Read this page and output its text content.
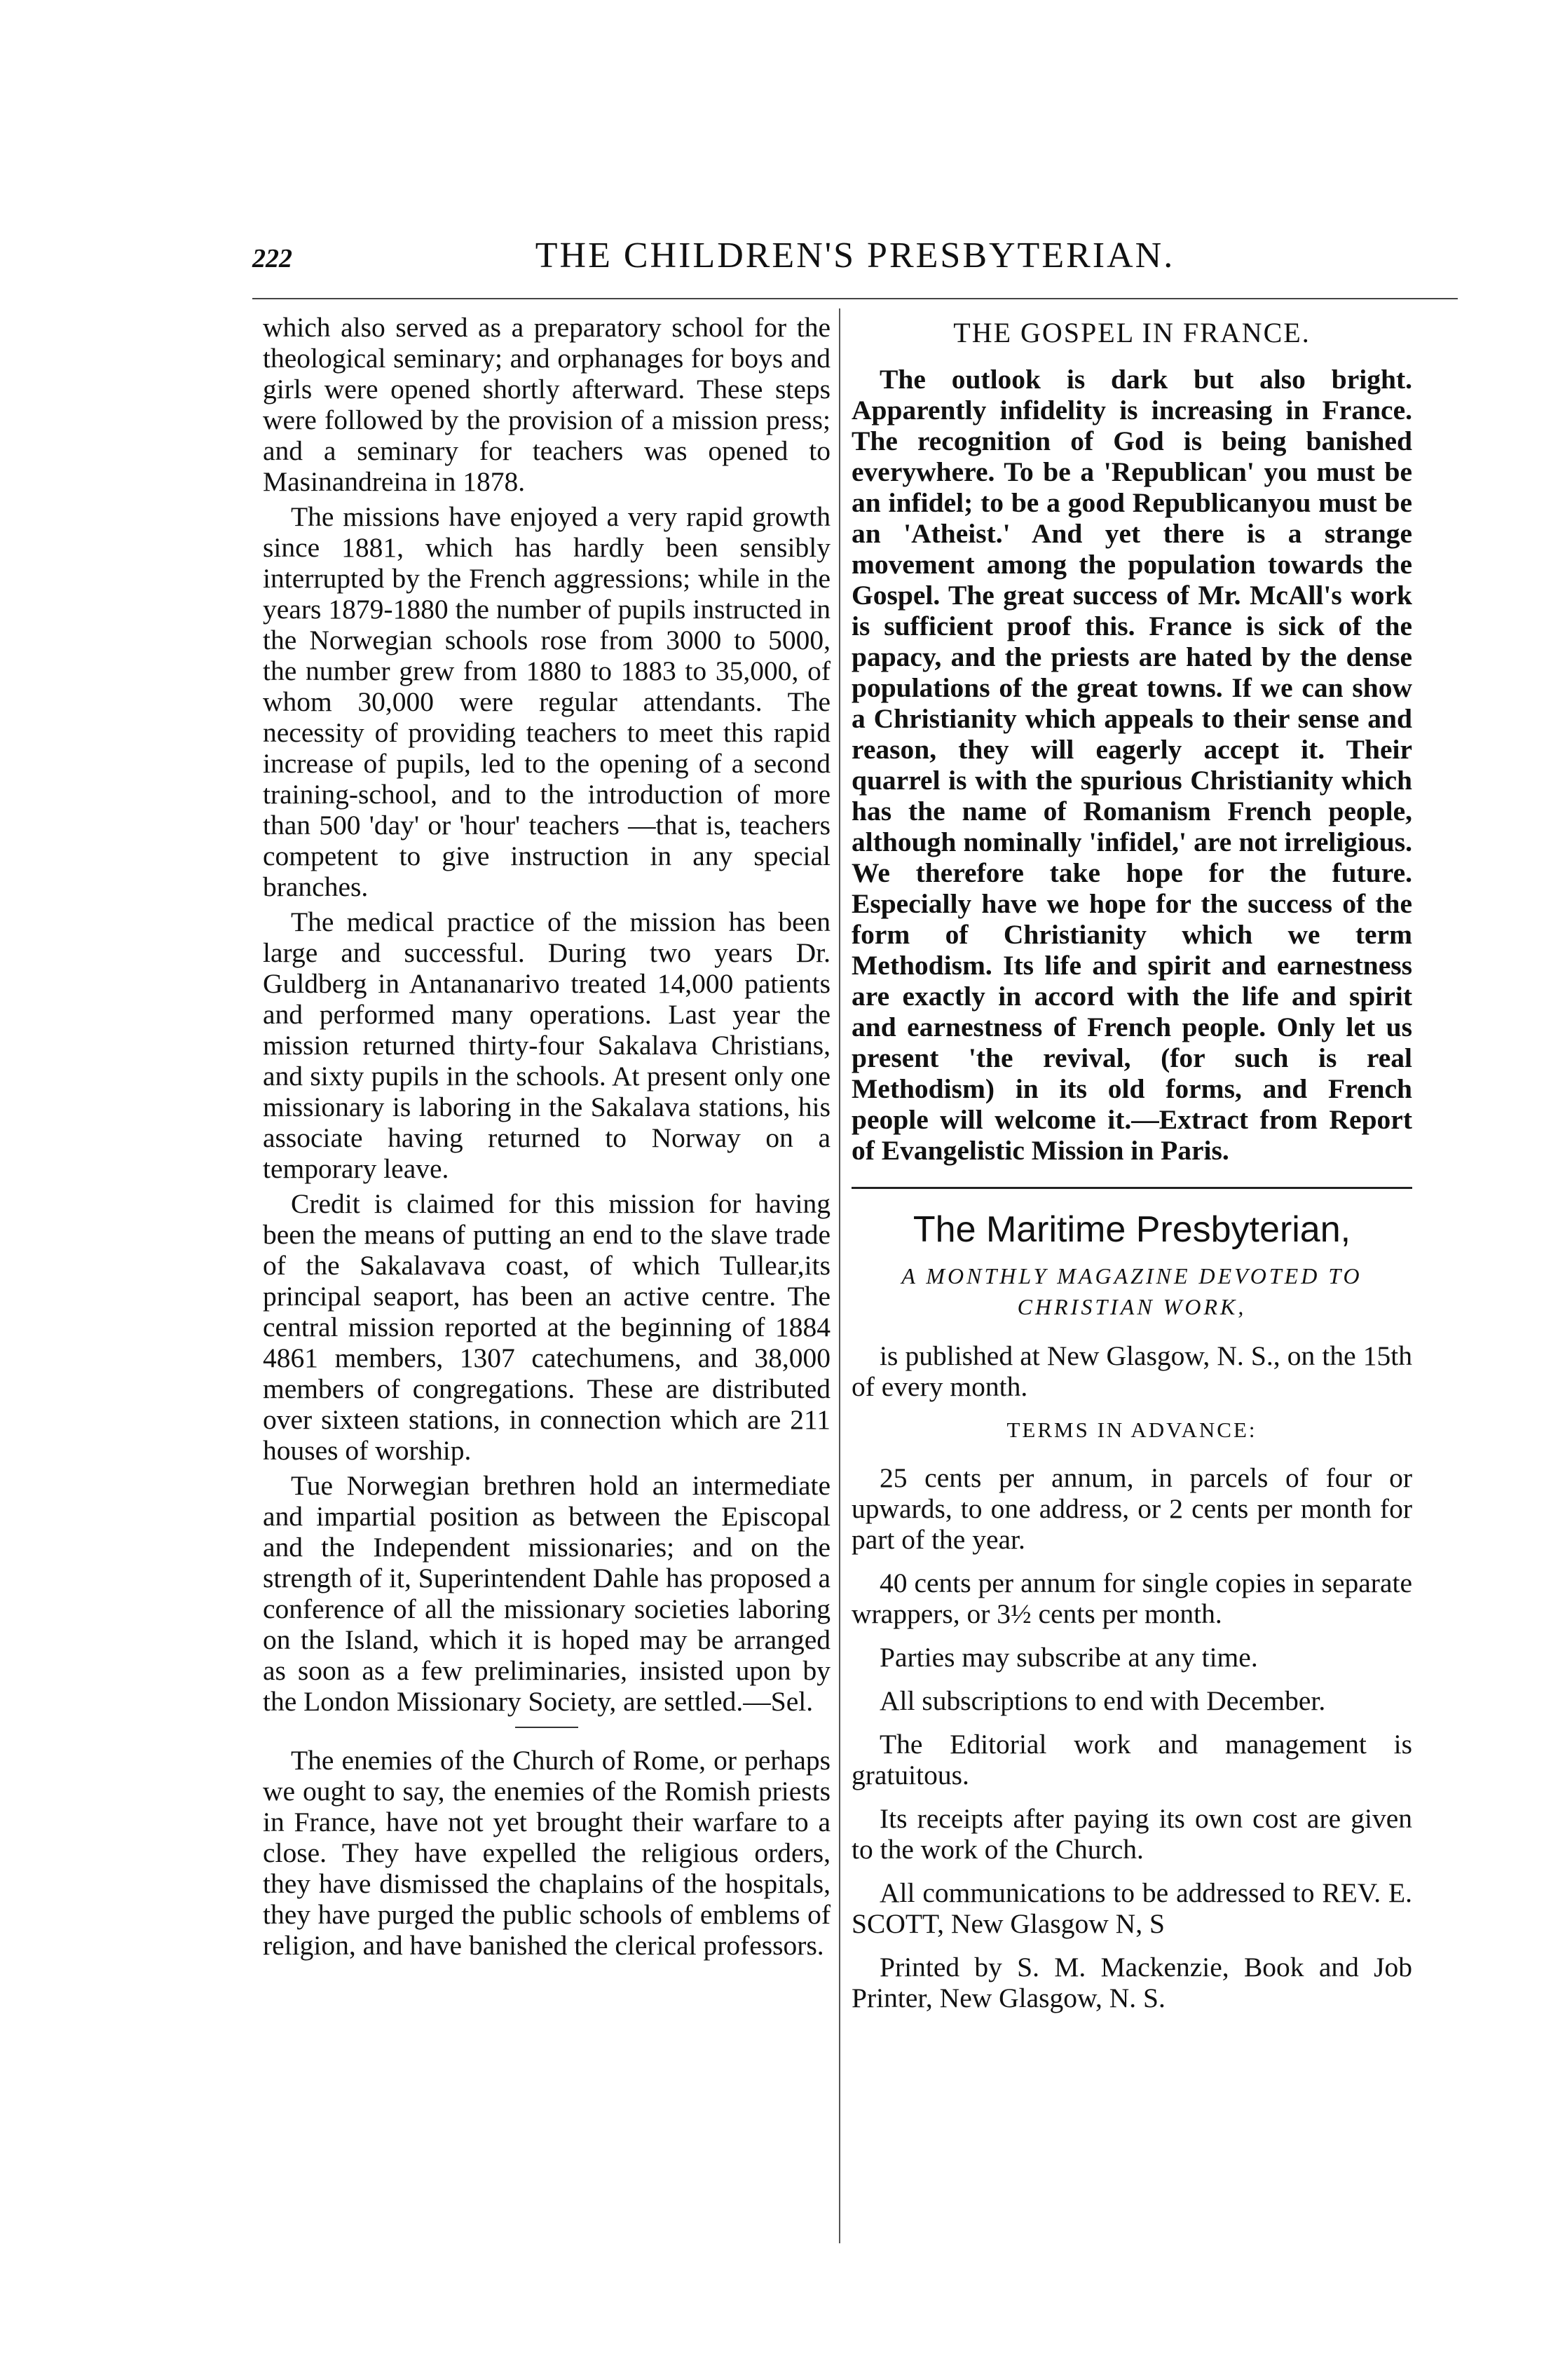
222	THE CHILDREN'S PRESBYTERIAN.

which also served as a preparatory school for the theological seminary; and orphanages for boys and girls were opened shortly afterward. These steps were followed by the provision of a mission press; and a seminary for teachers was opened to Masinandreina in 1878.

The missions have enjoyed a very rapid growth since 1881, which has hardly been sensibly interrupted by the French aggressions; while in the years 1879-1880 the number of pupils instructed in the Norwegian schools rose from 3000 to 5000, the number grew from 1880 to 1883 to 35,000, of whom 30,000 were regular attendants. The necessity of providing teachers to meet this rapid increase of pupils, led to the opening of a second training-school, and to the introduction of more than 500 'day' or 'hour' teachers —that is, teachers competent to give instruction in any special branches.

The medical practice of the mission has been large and successful. During two years Dr. Guldberg in Antananarivo treated 14,000 patients and performed many operations. Last year the mission returned thirty-four Sakalava Christians, and sixty pupils in the schools. At present only one missionary is laboring in the Sakalava stations, his associate having returned to Norway on a temporary leave.

Credit is claimed for this mission for having been the means of putting an end to the slave trade of the Sakalavava coast, of which Tullear,its principal seaport, has been an active centre. The central mission reported at the beginning of 1884 4861 members, 1307 catechumens, and 38,000 members of congregations. These are distributed over sixteen stations, in connection which are 211 houses of worship.

Tue Norwegian brethren hold an intermediate and impartial position as between the Episcopal and the Independent missionaries; and on the strength of it, Superintendent Dahle has proposed a conference of all the missionary societies laboring on the Island, which it is hoped may be arranged as soon as a few preliminaries, insisted upon by the London Missionary Society, are settled.—Sel.

The enemies of the Church of Rome, or perhaps we ought to say, the enemies of the Romish priests in France, have not yet brought their warfare to a close. They have expelled the religious orders, they have dismissed the chaplains of the hospitals, they have purged the public schools of emblems of religion, and have banished the clerical professors.

THE GOSPEL IN FRANCE.

The outlook is dark but also bright. Apparently infidelity is increasing in France. The recognition of God is being banished everywhere. To be a 'Republican' you must be an infidel; to be a good Republicanyou must be an 'Atheist.' And yet there is a strange movement among the population towards the Gospel. The great success of Mr. McAll's work is sufficient proof this. France is sick of the papacy, and the priests are hated by the dense populations of the great towns. If we can show a Christianity which appeals to their sense and reason, they will eagerly accept it. Their quarrel is with the spurious Christianity which has the name of Romanism French people, although nominally 'infidel,' are not irreligious. We therefore take hope for the future. Especially have we hope for the success of the form of Christianity which we term Methodism. Its life and spirit and earnestness are exactly in accord with the life and spirit and earnestness of French people. Only let us present 'the revival, (for such is real Methodism) in its old forms, and French people will welcome it.—Extract from Report of Evangelistic Mission in Paris.

The Maritime Presbyterian,
A MONTHLY MAGAZINE DEVOTED TO CHRISTIAN WORK,

is published at New Glasgow, N. S., on the 15th of every month.

TERMS IN ADVANCE:

25 cents per annum, in parcels of four or upwards, to one address, or 2 cents per month for part of the year.

40 cents per annum for single copies in separate wrappers, or 3½ cents per month.

Parties may subscribe at any time.

All subscriptions to end with December.

The Editorial work and management is gratuitous.

Its receipts after paying its own cost are given to the work of the Church.

All communications to be addressed to REV. E. SCOTT, New Glasgow N, S

Printed by S. M. Mackenzie, Book and Job Printer, New Glasgow, N. S.
